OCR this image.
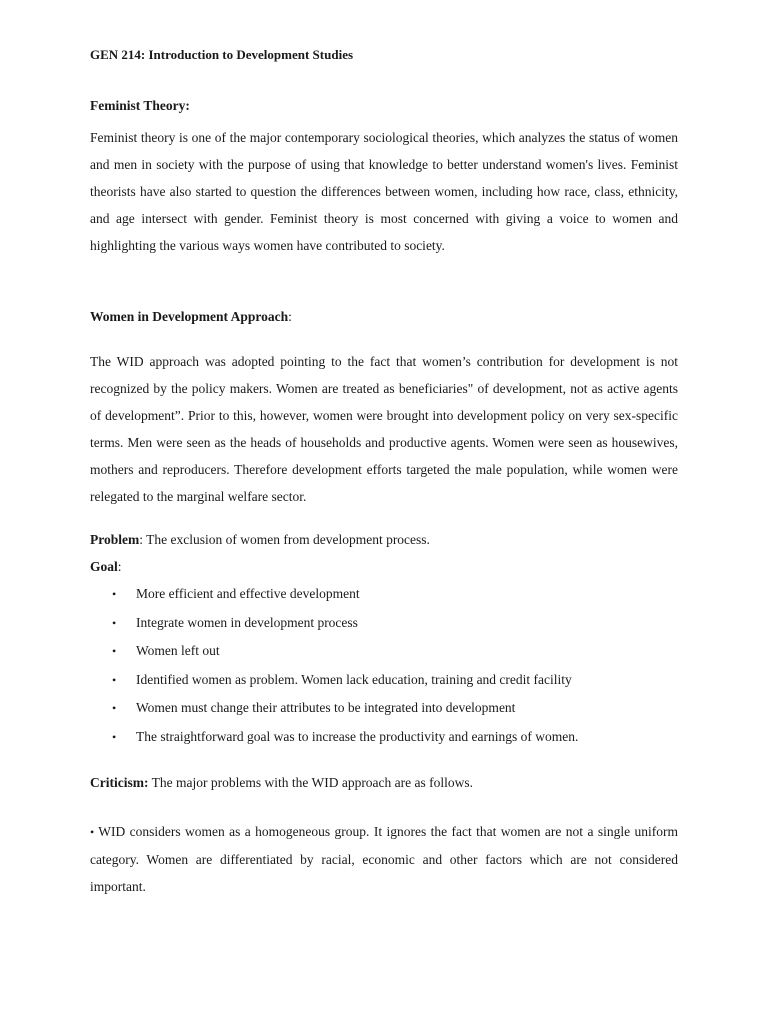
GEN 214: Introduction to Development Studies
Feminist Theory:
Feminist theory is one of the major contemporary sociological theories, which analyzes the status of women and men in society with the purpose of using that knowledge to better understand women's lives. Feminist theorists have also started to question the differences between women, including how race, class, ethnicity, and age intersect with gender. Feminist theory is most concerned with giving a voice to women and highlighting the various ways women have contributed to society.
Women in Development Approach:
The WID approach was adopted pointing to the fact that women’s contribution for development is not recognized by the policy makers. Women are treated as beneficiaries" of development, not as active agents of development”. Prior to this, however, women were brought into development policy on very sex-specific terms. Men were seen as the heads of households and productive agents. Women were seen as housewives, mothers and reproducers. Therefore development efforts targeted the male population, while women were relegated to the marginal welfare sector.
Problem: The exclusion of women from development process.
Goal:
• More efficient and effective development
• Integrate women in development process
• Women left out
• Identified women as problem. Women lack education, training and credit facility
• Women must change their attributes to be integrated into development
• The straightforward goal was to increase the productivity and earnings of women.
Criticism: The major problems with the WID approach are as follows.
• WID considers women as a homogeneous group. It ignores the fact that women are not a single uniform category. Women are differentiated by racial, economic and other factors which are not considered important.
